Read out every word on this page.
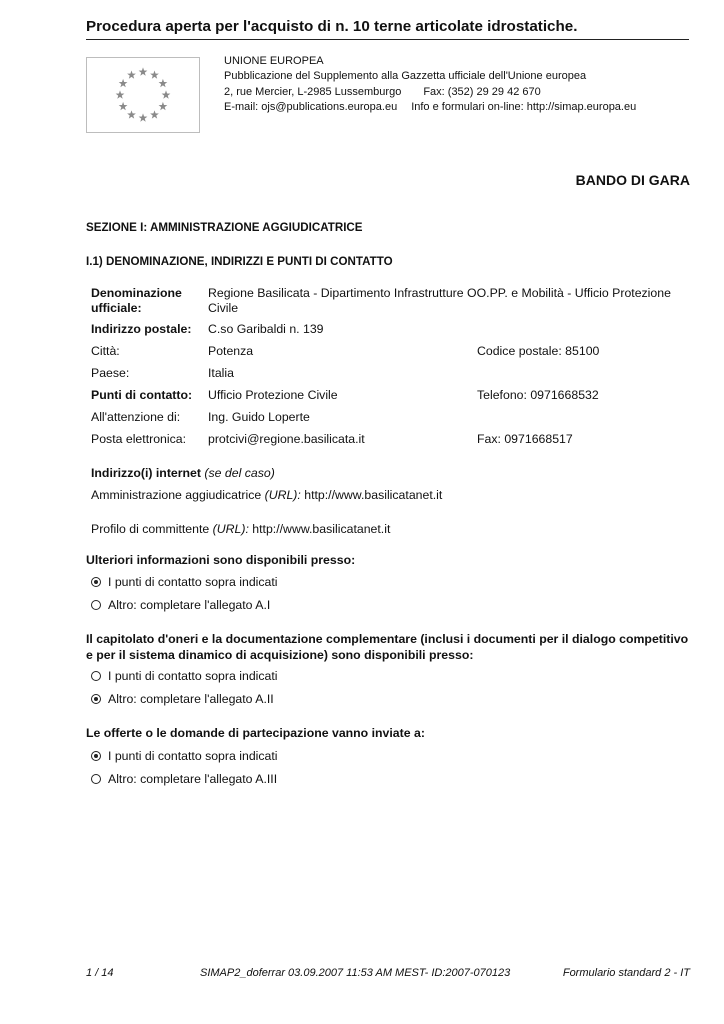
Procedura aperta per l'acquisto di n. 10 terne articolate idrostatiche.
UNIONE EUROPEA
Pubblicazione del Supplemento alla Gazzetta ufficiale dell'Unione europea
2, rue Mercier, L-2985 Lussemburgo Fax: (352) 29 29 42 670
E-mail: ojs@publications.europa.eu Info e formulari on-line: http://simap.europa.eu
BANDO DI GARA
SEZIONE I: AMMINISTRAZIONE AGGIUDICATRICE
I.1) DENOMINAZIONE, INDIRIZZI E PUNTI DI CONTATTO
Denominazione
ufficiale:
Regione Basilicata - Dipartimento Infrastrutture OO.PP. e Mobilità - Ufficio Protezione
Civile
Indirizzo postale: C.so Garibaldi n. 139
Città:	Potenza	Codice postale: 85100
Paese:	Italia
Punti di contatto: Ufficio Protezione Civile	Telefono: 0971668532
All'attenzione di: Ing. Guido Loperte
Posta elettronica: protcivi@regione.basilicata.it	Fax: 0971668517
Indirizzo(i) internet (se del caso)
Amministrazione aggiudicatrice (URL): http://www.basilicatanet.it
Profilo di committente (URL): http://www.basilicatanet.it
Ulteriori informazioni sono disponibili presso:
I punti di contatto sopra indicati
Altro: completare l'allegato A.I
Il capitolato d'oneri e la documentazione complementare (inclusi i documenti per il dialogo competitivo e per il sistema dinamico di acquisizione) sono disponibili presso:
I punti di contatto sopra indicati
Altro: completare l'allegato A.II
Le offerte o le domande di partecipazione vanno inviate a:
I punti di contatto sopra indicati
Altro: completare l'allegato A.III
1 / 14	SIMAP2_doferrar 03.09.2007 11:53 AM MEST- ID:2007-070123	Formulario standard 2 - IT
